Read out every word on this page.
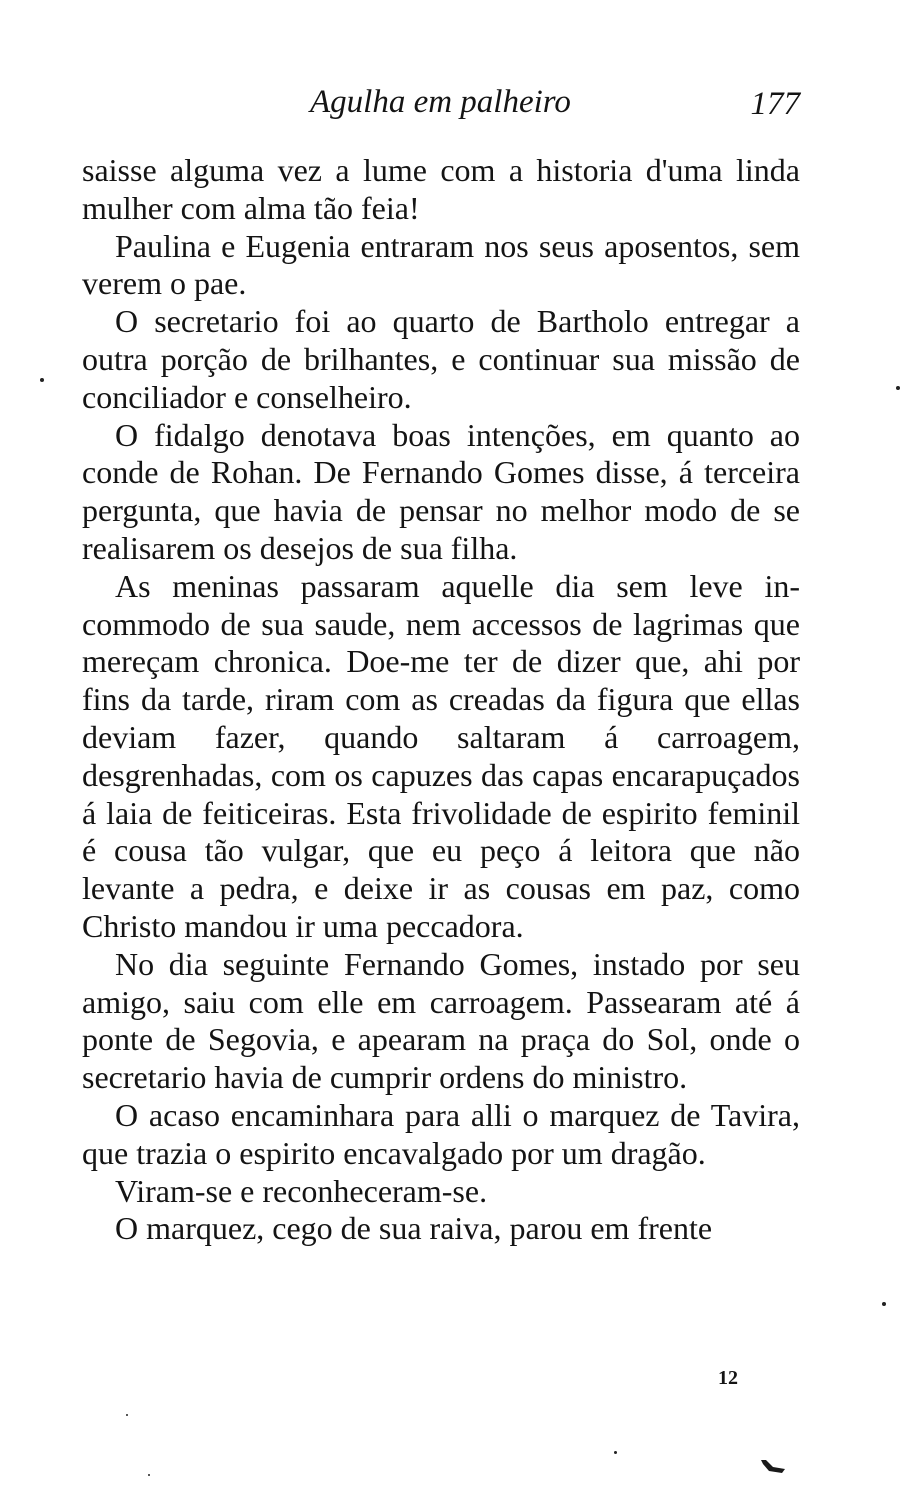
Agulha em palheiro	177

saisse alguma vez a lume com a historia d'uma linda mulher com alma tão feia!

Paulina e Eugenia entraram nos seus aposentos, sem verem o pae.

O secretario foi ao quarto de Bartholo entregar a outra porção de brilhantes, e continuar sua missão de conciliador e conselheiro.

O fidalgo denotava boas intenções, em quanto ao conde de Rohan. De Fernando Gomes disse, á terceira pergunta, que havia de pensar no melhor modo de se realisarem os desejos de sua filha.

As meninas passaram aquelle dia sem leve incommodo de sua saude, nem accessos de lagrimas que mereçam chronica. Doe-me ter de dizer que, ahi por fins da tarde, riram com as creadas da figura que ellas deviam fazer, quando saltaram á carroagem, desgrenhadas, com os capuzes das capas encarapuçados á laia de feiticeiras. Esta frivolidade de espirito feminil é cousa tão vulgar, que eu peço á leitora que não levante a pedra, e deixe ir as cousas em paz, como Christo mandou ir uma peccadora.

No dia seguinte Fernando Gomes, instado por seu amigo, saiu com elle em carroagem. Passearam até á ponte de Segovia, e apearam na praça do Sol, onde o secretario havia de cumprir ordens do ministro.

O acaso encaminhara para alli o marquez de Tavira, que trazia o espirito encavalgado por um dragão.

Viram-se e reconheceram-se.

O marquez, cego de sua raiva, parou em frente

12
